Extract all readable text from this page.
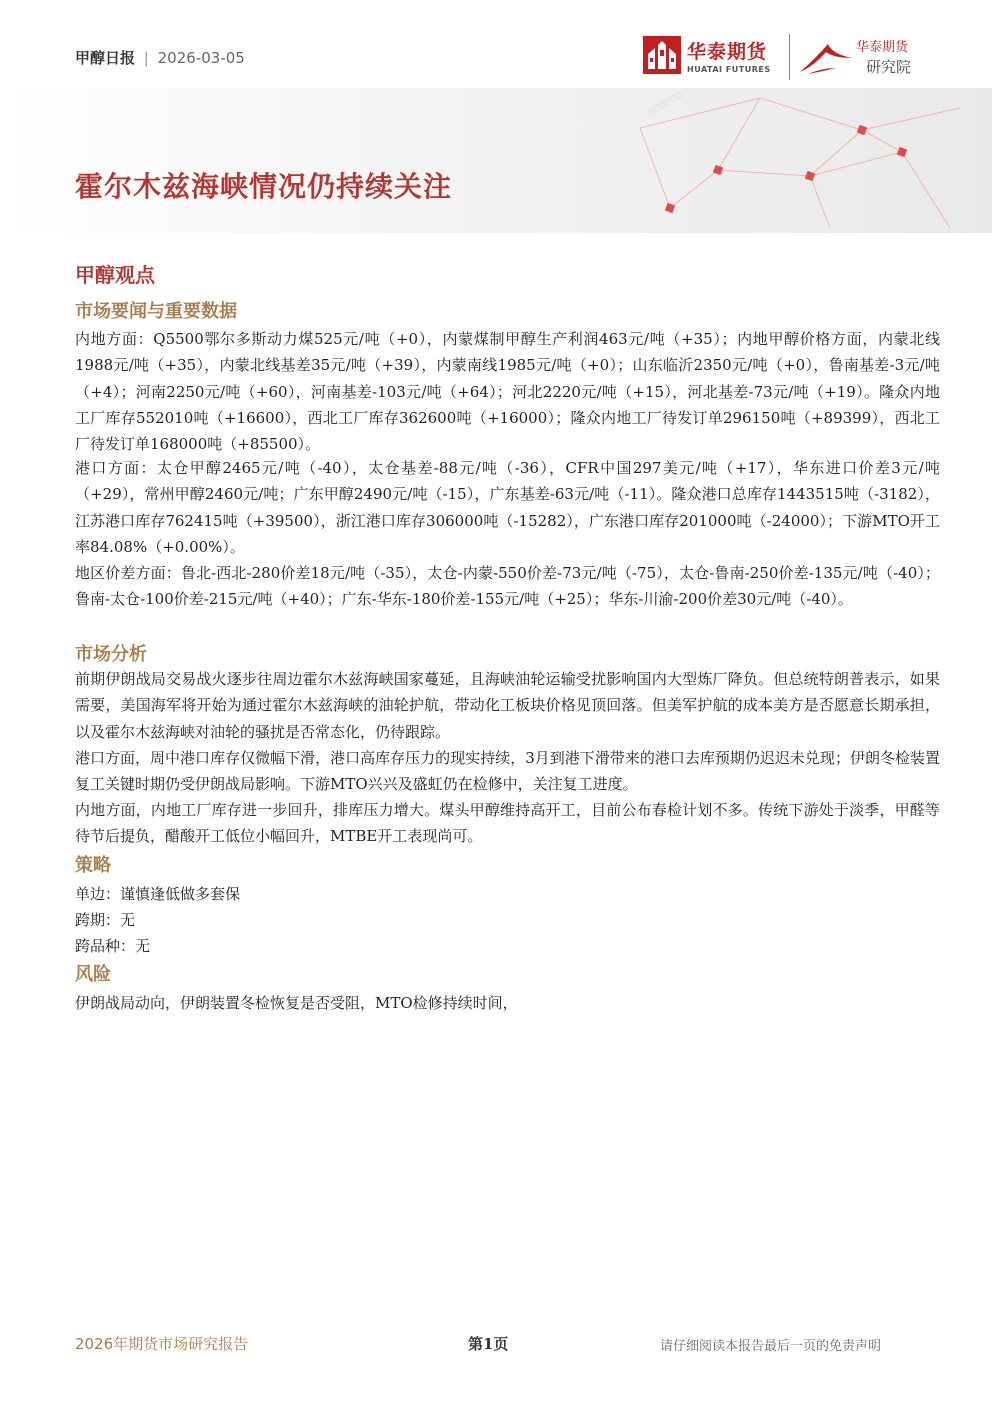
甲醇日报 | 2026-03-05	华泰期货
HUATAI FUTURES
华泰期货
研究院
000000
霍尔木兹海峡情况仍持续关注
甲醇观点
市场要闻与重要数据
内地方面：Q5500鄂尔多斯动力煤525元/吨（+0），内蒙煤制甲醇生产利润463元/吨（+35）；内地甲醇价格方面，内蒙北线1988元/吨（+35），内蒙北线基差35元/吨（+39），内蒙南线1985元/吨（+0）；山东临沂2350元/吨（+0），鲁南基差-3元/吨（+4）；河南2250元/吨（+60），河南基差-103元/吨（+64）；河北2220元/吨（+15），河北基差-73元/吨（+19）。隆众内地工厂库存552010吨（+16600），西北工厂库存362600吨（+16000）；隆众内地工厂待发订单296150吨（+89399），西北工厂待发订单168000吨（+85500）。
港口方面：太仓甲醇2465元/吨（-40），太仓基差-88元/吨（-36），CFR中国297美元/吨（+17），华东进口价差3元/吨（+29），常州甲醇2460元/吨；广东甲醇2490元/吨（-15），广东基差-63元/吨（-11）。隆众港口总库存1443515吨（-3182），江苏港口库存762415吨（+39500），浙江港口库存306000吨（-15282），广东港口库存201000吨（-24000）；下游MTO开工率84.08%（+0.00%）。
地区价差方面：鲁北-西北-280价差18元/吨（-35），太仓-内蒙-550价差-73元/吨（-75），太仓-鲁南-250价差-135元/吨（-40）；鲁南-太仓-100价差-215元/吨（+40）；广东-华东-180价差-155元/吨（+25）；华东-川渝-200价差30元/吨（-40）。
市场分析
前期伊朗战局交易战火逐步往周边霍尔木兹海峡国家蔓延，且海峡油轮运输受扰影响国内大型炼厂降负。但总统特朗普表示，如果需要，美国海军将开始为通过霍尔木兹海峡的油轮护航，带动化工板块价格见顶回落。但美军护航的成本美方是否愿意长期承担，以及霍尔木兹海峡对油轮的骚扰是否常态化，仍待跟踪。
港口方面，周中港口库存仅微幅下滑，港口高库存压力的现实持续，3月到港下滑带来的港口去库预期仍迟迟未兑现；伊朗冬检装置复工关键时期仍受伊朗战局影响。下游MTO兴兴及盛虹仍在检修中，关注复工进度。
内地方面，内地工厂库存进一步回升，排库压力增大。煤头甲醇维持高开工，目前公布春检计划不多。传统下游处于淡季，甲醛等待节后提负，醋酸开工低位小幅回升，MTBE开工表现尚可。
策略
单边：谨慎逢低做多套保
跨期：无
跨品种：无
风险
伊朗战局动向，伊朗装置冬检恢复是否受阻，MTO检修持续时间，
2026年期货市场研究报告	第1页	请仔细阅读本报告最后一页的免责声明
